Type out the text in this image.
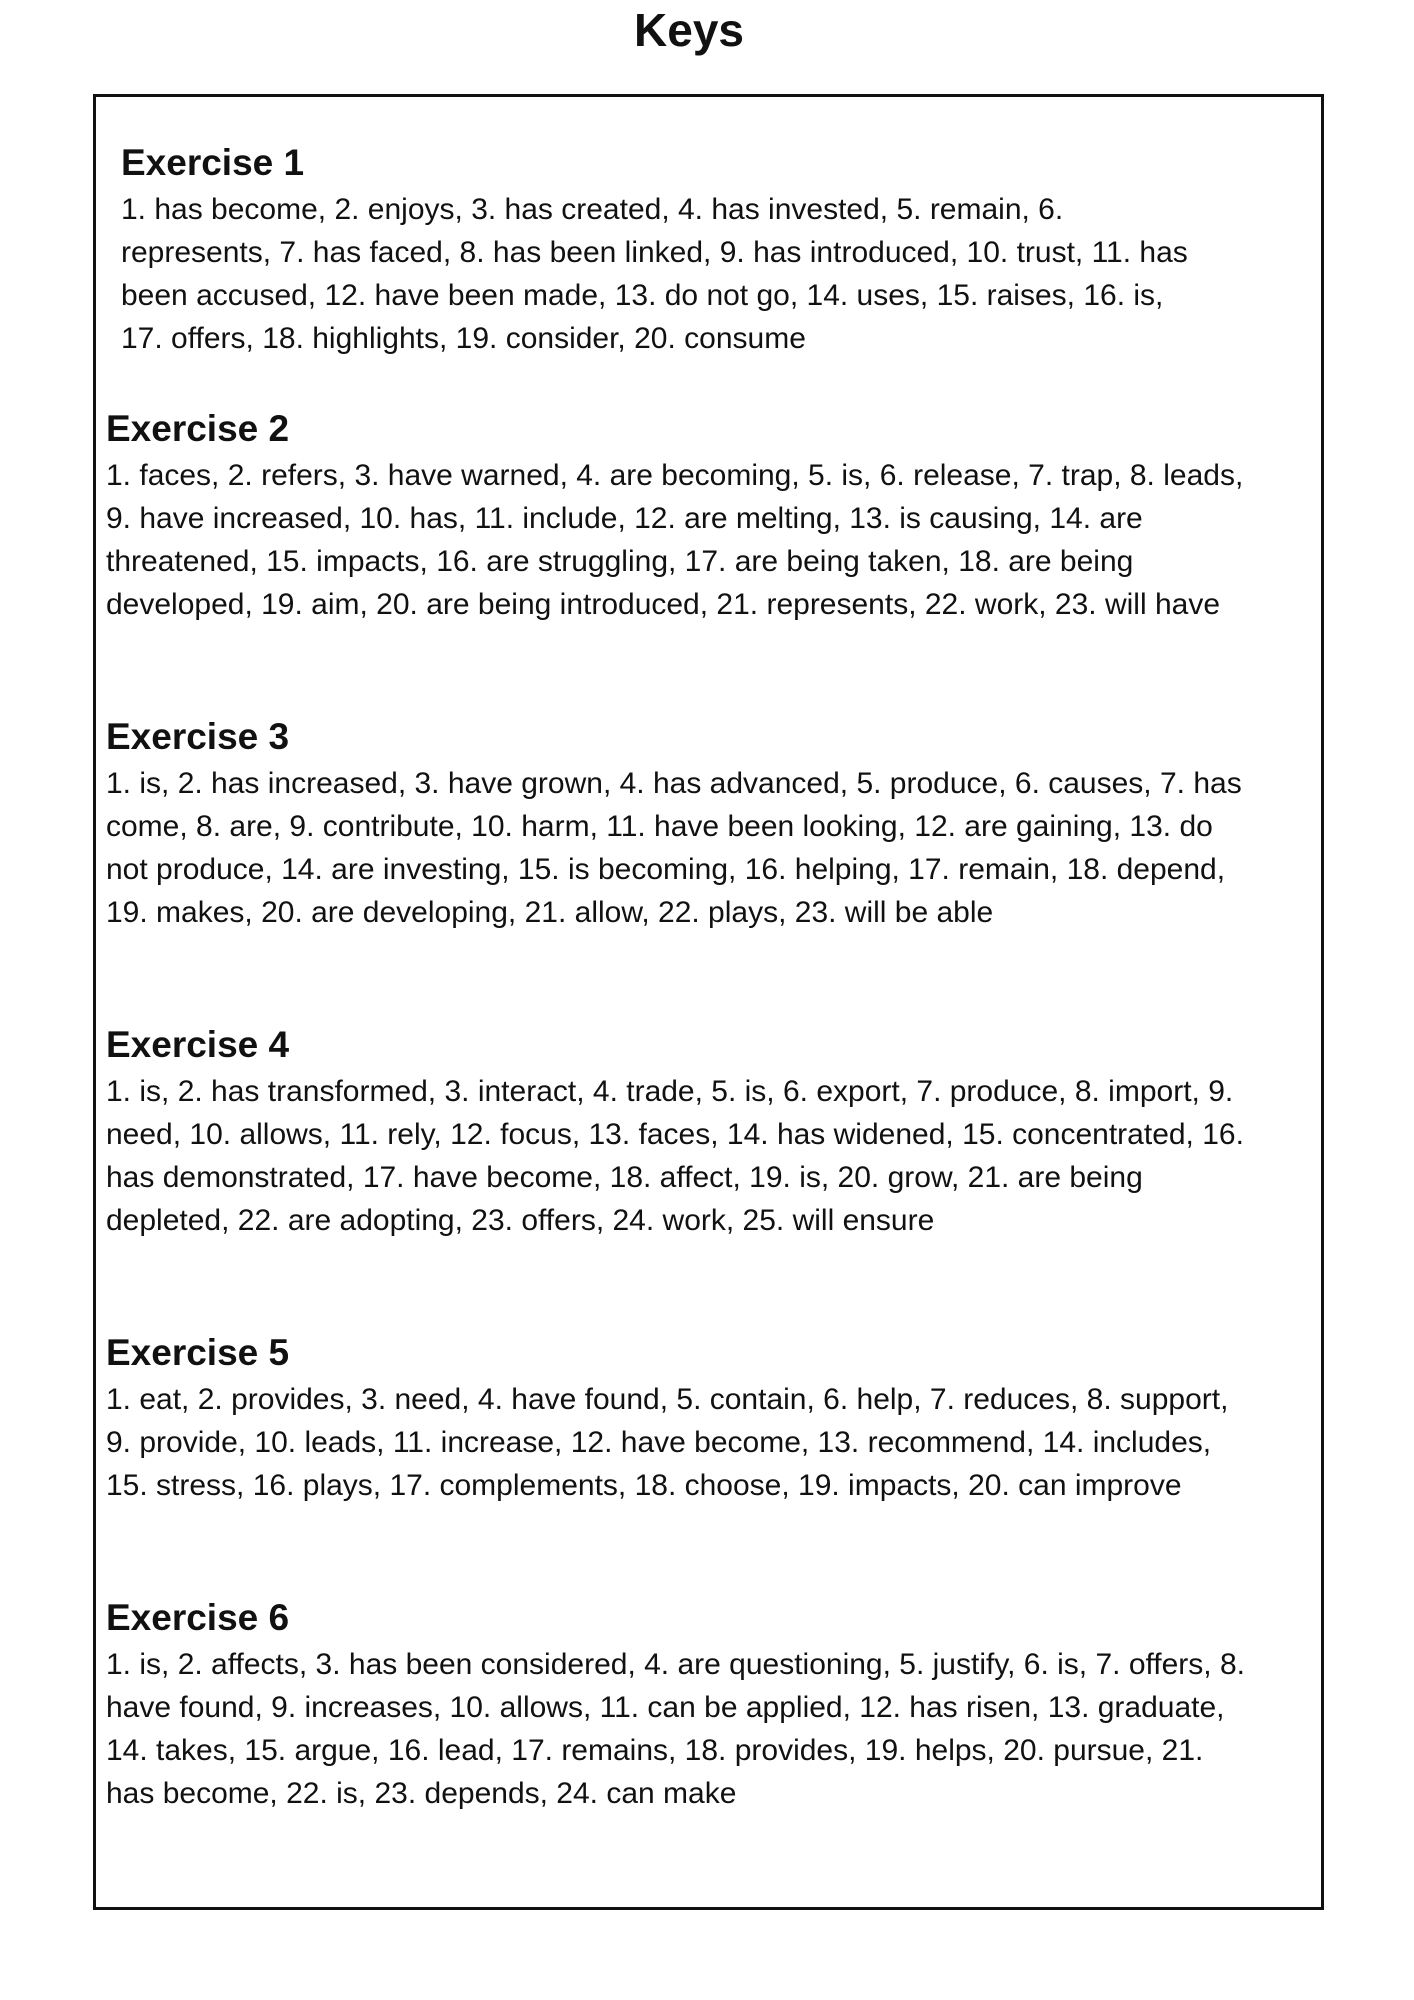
Keys
Exercise 1

1. has become, 2. enjoys, 3. has created, 4. has invested, 5. remain, 6. represents, 7. has faced, 8. has been linked, 9. has introduced, 10. trust, 11. has been accused, 12. have been made, 13. do not go, 14. uses, 15. raises, 16. is, 17. offers, 18. highlights, 19. consider, 20. consume

Exercise 2

1. faces, 2. refers, 3. have warned, 4. are becoming, 5. is, 6. release, 7. trap, 8. leads, 9. have increased, 10. has, 11. include, 12. are melting, 13. is causing, 14. are threatened, 15. impacts, 16. are struggling, 17. are being taken, 18. are being developed, 19. aim, 20. are being introduced, 21. represents, 22. work, 23. will have

Exercise 3

1. is, 2. has increased, 3. have grown, 4. has advanced, 5. produce, 6. causes, 7. has come, 8. are, 9. contribute, 10. harm, 11. have been looking, 12. are gaining, 13. do not produce, 14. are investing, 15. is becoming, 16. helping, 17. remain, 18. depend, 19. makes, 20. are developing, 21. allow, 22. plays, 23. will be able

Exercise 4

1. is, 2. has transformed, 3. interact, 4. trade, 5. is, 6. export, 7. produce, 8. import, 9. need, 10. allows, 11. rely, 12. focus, 13. faces, 14. has widened, 15. concentrated, 16. has demonstrated, 17. have become, 18. affect, 19. is, 20. grow, 21. are being depleted, 22. are adopting, 23. offers, 24. work, 25. will ensure

Exercise 5

1. eat, 2. provides, 3. need, 4. have found, 5. contain, 6. help, 7. reduces, 8. support, 9. provide, 10. leads, 11. increase, 12. have become, 13. recommend, 14. includes, 15. stress, 16. plays, 17. complements, 18. choose, 19. impacts, 20. can improve

Exercise 6

1. is, 2. affects, 3. has been considered, 4. are questioning, 5. justify, 6. is, 7. offers, 8. have found, 9. increases, 10. allows, 11. can be applied, 12. has risen, 13. graduate, 14. takes, 15. argue, 16. lead, 17. remains, 18. provides, 19. helps, 20. pursue, 21. has become, 22. is, 23. depends, 24. can make
